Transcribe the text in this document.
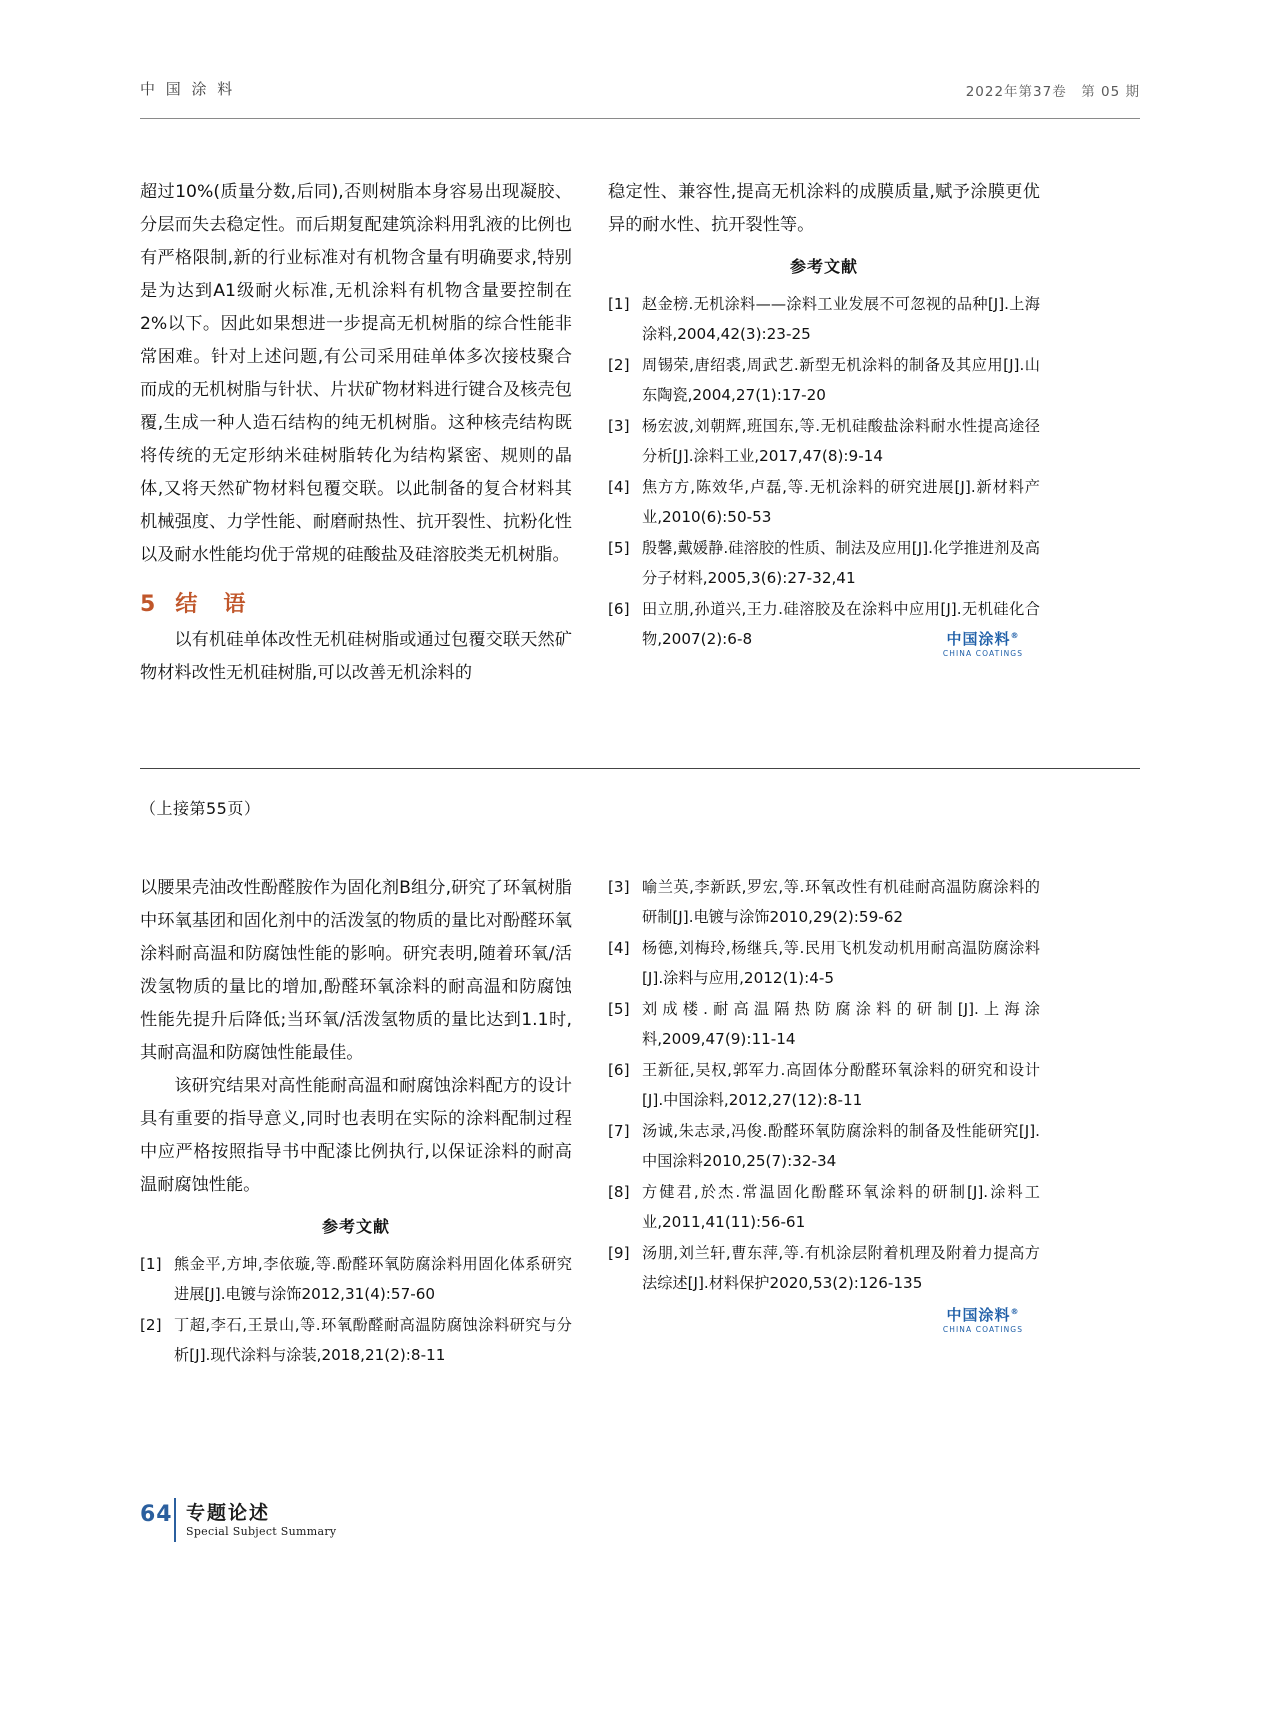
中 国 涂 料	2022年第37卷　第 05 期

超过10%(质量分数,后同),否则树脂本身容易出现凝胶、分层而失去稳定性。而后期复配建筑涂料用乳液的比例也有严格限制,新的行业标准对有机物含量有明确要求,特别是为达到A1级耐火标准,无机涂料有机物含量要控制在2%以下。因此如果想进一步提高无机树脂的综合性能非常困难。针对上述问题,有公司采用硅单体多次接枝聚合而成的无机树脂与针状、片状矿物材料进行键合及核壳包覆,生成一种人造石结构的纯无机树脂。这种核壳结构既将传统的无定形纳米硅树脂转化为结构紧密、规则的晶体,又将天然矿物材料包覆交联。以此制备的复合材料其机械强度、力学性能、耐磨耐热性、抗开裂性、抗粉化性以及耐水性能均优于常规的硅酸盐及硅溶胶类无机树脂。

5 结　语

以有机硅单体改性无机硅树脂或通过包覆交联天然矿物材料改性无机硅树脂,可以改善无机涂料的

稳定性、兼容性,提高无机涂料的成膜质量,赋予涂膜更优异的耐水性、抗开裂性等。

参考文献
[1] 赵金榜.无机涂料——涂料工业发展不可忽视的品种[J].上海涂料,2004,42(3):23-25
[2] 周锡荣,唐绍裘,周武艺.新型无机涂料的制备及其应用[J].山东陶瓷,2004,27(1):17-20
[3] 杨宏波,刘朝辉,班国东,等.无机硅酸盐涂料耐水性提高途径分析[J].涂料工业,2017,47(8):9-14
[4] 焦方方,陈效华,卢磊,等.无机涂料的研究进展[J].新材料产业,2010(6):50-53
[5] 殷馨,戴媛静.硅溶胶的性质、制法及应用[J].化学推进剂及高分子材料,2005,3(6):27-32,41
[6] 田立朋,孙道兴,王力.硅溶胶及在涂料中应用[J].无机硅化合物,2007(2):6-8	中国涂料®
CHINA COATINGS
（上接第55页）

以腰果壳油改性酚醛胺作为固化剂B组分,研究了环氧树脂中环氧基团和固化剂中的活泼氢的物质的量比对酚醛环氧涂料耐高温和防腐蚀性能的影响。研究表明,随着环氧/活泼氢物质的量比的增加,酚醛环氧涂料的耐高温和防腐蚀性能先提升后降低;当环氧/活泼氢物质的量比达到1.1时,其耐高温和防腐蚀性能最佳。

该研究结果对高性能耐高温和耐腐蚀涂料配方的设计具有重要的指导意义,同时也表明在实际的涂料配制过程中应严格按照指导书中配漆比例执行,以保证涂料的耐高温耐腐蚀性能。

参考文献
[1] 熊金平,方坤,李依璇,等.酚醛环氧防腐涂料用固化体系研究进展[J].电镀与涂饰2012,31(4):57-60
[2] 丁超,李石,王景山,等.环氧酚醛耐高温防腐蚀涂料研究与分析[J].现代涂料与涂装,2018,21(2):8-11
[3] 喻兰英,李新跃,罗宏,等.环氧改性有机硅耐高温防腐涂料的研制[J].电镀与涂饰2010,29(2):59-62
[4] 杨德,刘梅玲,杨继兵,等.民用飞机发动机用耐高温防腐涂料[J].涂料与应用,2012(1):4-5
[5] 刘成楼.耐高温隔热防腐涂料的研制[J].上海涂料,2009,47(9):11-14
[6] 王新征,吴权,郭军力.高固体分酚醛环氧涂料的研究和设计[J].中国涂料,2012,27(12):8-11
[7] 汤诚,朱志录,冯俊.酚醛环氧防腐涂料的制备及性能研究[J].中国涂料2010,25(7):32-34
[8] 方健君,於杰.常温固化酚醛环氧涂料的研制[J].涂料工业,2011,41(11):56-61
[9] 汤朋,刘兰轩,曹东萍,等.有机涂层附着机理及附着力提高方法综述[J].材料保护2020,53(2):126-135
中国涂料®
CHINA COATINGS
64 专题论述
Special Subject Summary
